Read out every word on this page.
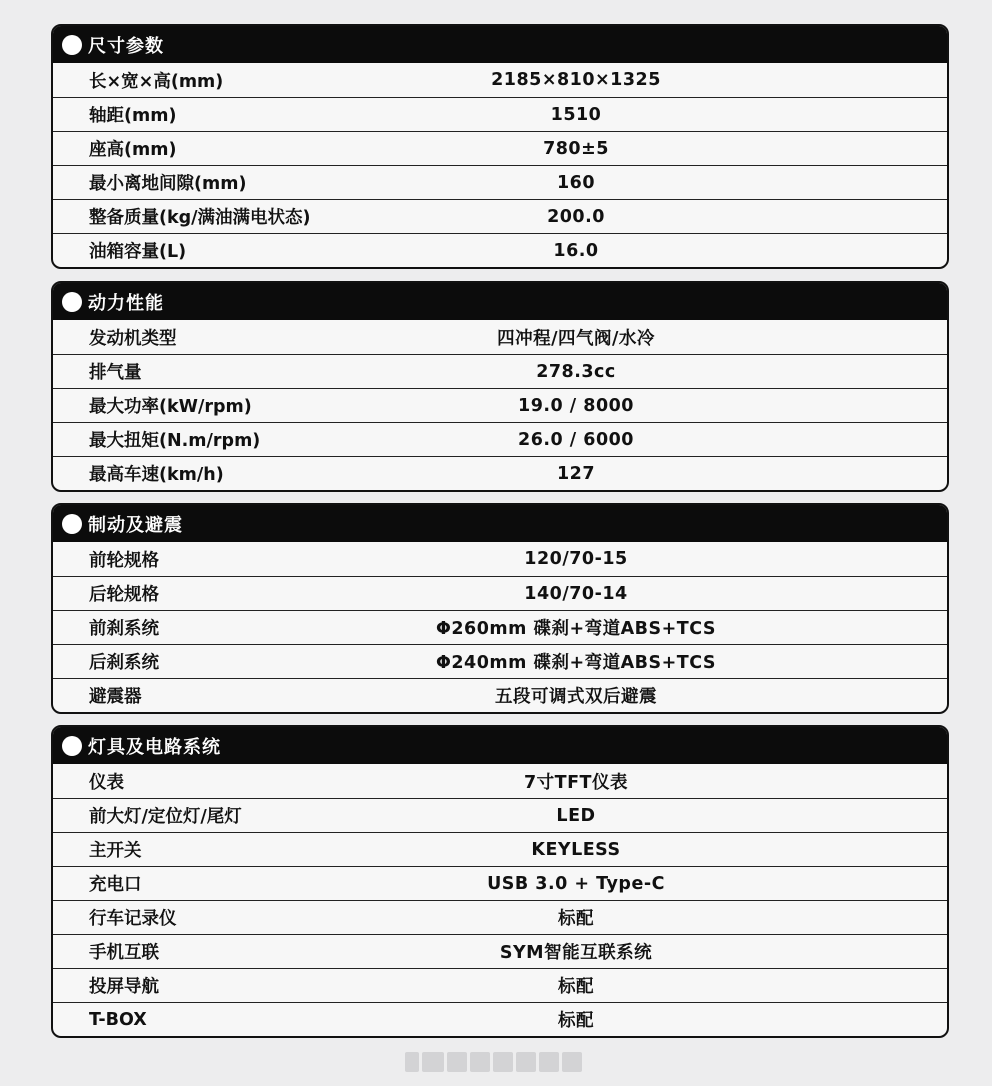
尺寸参数
长×宽×高(mm)	2185×810×1325
轴距(mm)	1510
座高(mm)	780±5
最小离地间隙(mm)	160
整备质量(kg/满油满电状态)	200.0
油箱容量(L)	16.0
动力性能
发动机类型	四冲程/四气阀/水冷
排气量	278.3cc
最大功率(kW/rpm)	19.0 / 8000
最大扭矩(N.m/rpm)	26.0 / 6000
最高车速(km/h)	127
制动及避震
前轮规格	120/70-15
后轮规格	140/70-14
前刹系统	Φ260mm 碟刹+弯道ABS+TCS
后刹系统	Φ240mm 碟刹+弯道ABS+TCS
避震器	五段可调式双后避震
灯具及电路系统
仪表	7寸TFT仪表
前大灯/定位灯/尾灯	LED
主开关	KEYLESS
充电口	USB 3.0 + Type-C
行车记录仪	标配
手机互联	SYM智能互联系统
投屏导航	标配
T-BOX	标配
